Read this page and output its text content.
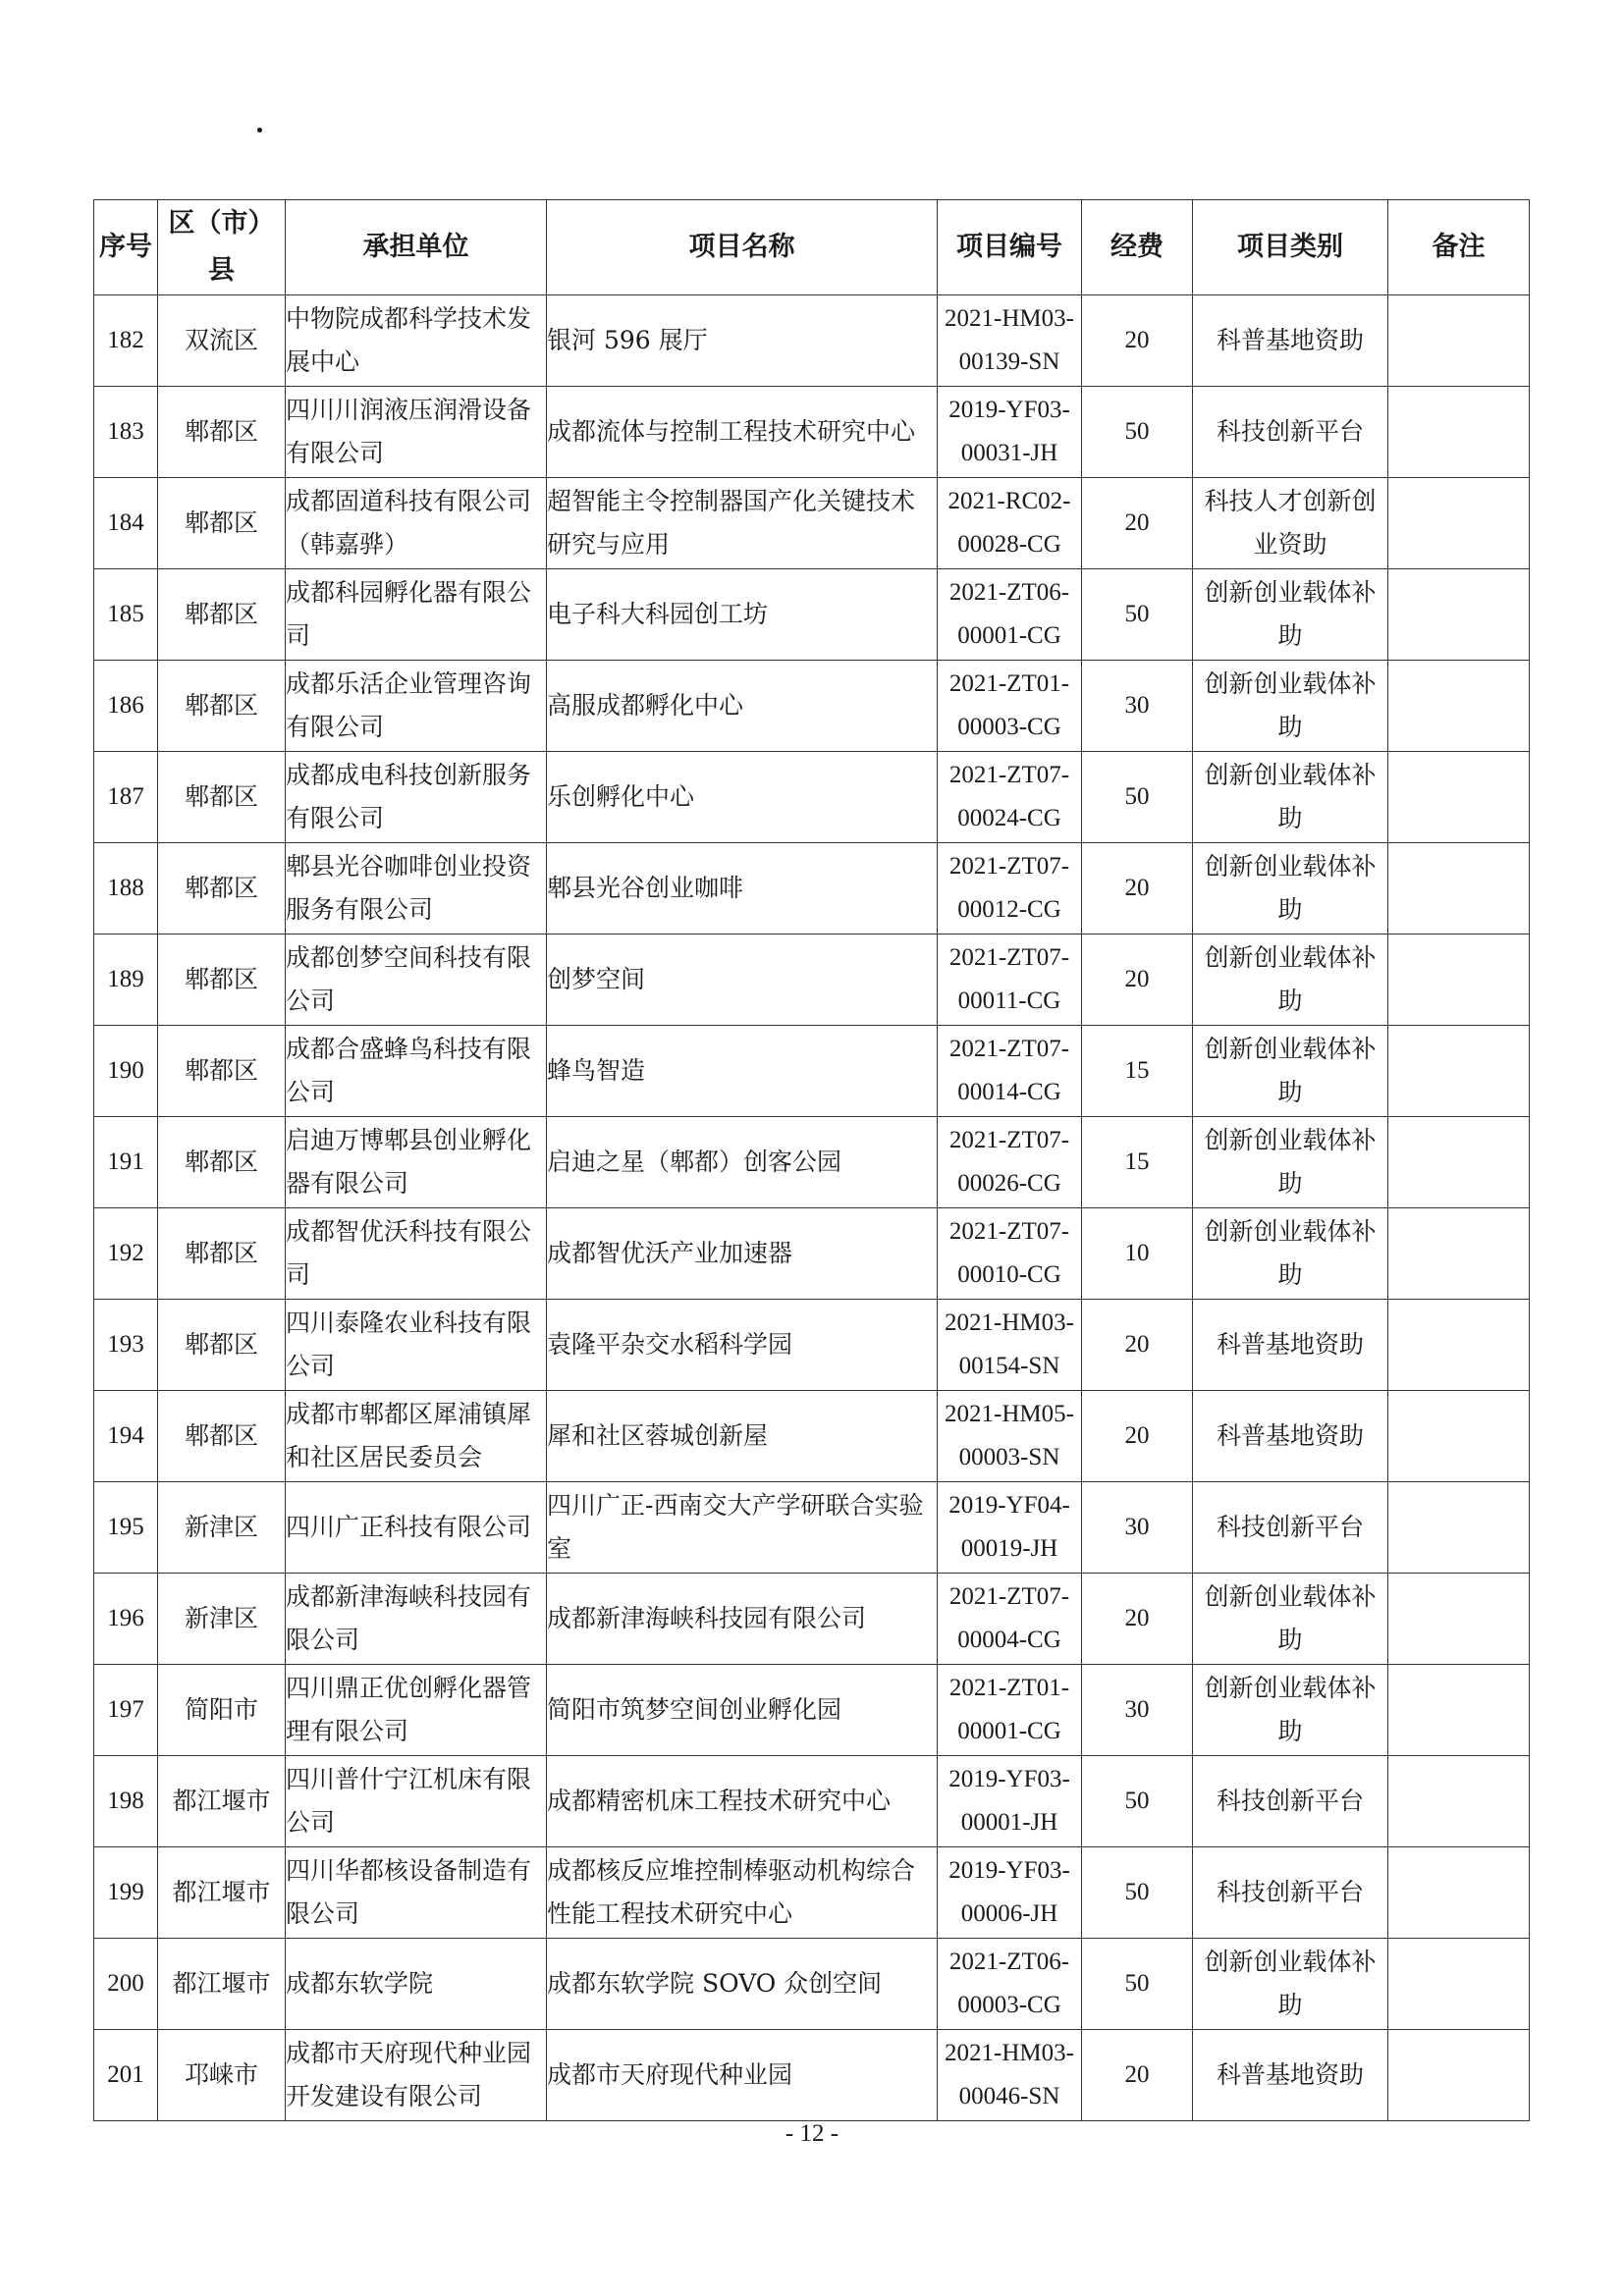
序号	区（市）县	承担单位	项目名称	项目编号	经费	项目类别	备注
182	双流区	中物院成都科学技术发展中心	银河 596 展厅	2021-HM03-00139-SN	20	科普基地资助	
183	郫都区	四川川润液压润滑设备有限公司	成都流体与控制工程技术研究中心	2019-YF03-00031-JH	50	科技创新平台	
184	郫都区	成都固道科技有限公司（韩嘉骅）	超智能主令控制器国产化关键技术研究与应用	2021-RC02-00028-CG	20	科技人才创新创业资助	
185	郫都区	成都科园孵化器有限公司	电子科大科园创工坊	2021-ZT06-00001-CG	50	创新创业载体补助	
186	郫都区	成都乐活企业管理咨询有限公司	高服成都孵化中心	2021-ZT01-00003-CG	30	创新创业载体补助	
187	郫都区	成都成电科技创新服务有限公司	乐创孵化中心	2021-ZT07-00024-CG	50	创新创业载体补助	
188	郫都区	郫县光谷咖啡创业投资服务有限公司	郫县光谷创业咖啡	2021-ZT07-00012-CG	20	创新创业载体补助	
189	郫都区	成都创梦空间科技有限公司	创梦空间	2021-ZT07-00011-CG	20	创新创业载体补助	
190	郫都区	成都合盛蜂鸟科技有限公司	蜂鸟智造	2021-ZT07-00014-CG	15	创新创业载体补助	
191	郫都区	启迪万博郫县创业孵化器有限公司	启迪之星（郫都）创客公园	2021-ZT07-00026-CG	15	创新创业载体补助	
192	郫都区	成都智优沃科技有限公司	成都智优沃产业加速器	2021-ZT07-00010-CG	10	创新创业载体补助	
193	郫都区	四川泰隆农业科技有限公司	袁隆平杂交水稻科学园	2021-HM03-00154-SN	20	科普基地资助	
194	郫都区	成都市郫都区犀浦镇犀和社区居民委员会	犀和社区蓉城创新屋	2021-HM05-00003-SN	20	科普基地资助	
195	新津区	四川广正科技有限公司	四川广正-西南交大产学研联合实验室	2019-YF04-00019-JH	30	科技创新平台	
196	新津区	成都新津海峡科技园有限公司	成都新津海峡科技园有限公司	2021-ZT07-00004-CG	20	创新创业载体补助	
197	简阳市	四川鼎正优创孵化器管理有限公司	简阳市筑梦空间创业孵化园	2021-ZT01-00001-CG	30	创新创业载体补助	
198	都江堰市	四川普什宁江机床有限公司	成都精密机床工程技术研究中心	2019-YF03-00001-JH	50	科技创新平台	
199	都江堰市	四川华都核设备制造有限公司	成都核反应堆控制棒驱动机构综合性能工程技术研究中心	2019-YF03-00006-JH	50	科技创新平台	
200	都江堰市	成都东软学院	成都东软学院 SOVO 众创空间	2021-ZT06-00003-CG	50	创新创业载体补助	
201	邛崃市	成都市天府现代种业园开发建设有限公司	成都市天府现代种业园	2021-HM03-00046-SN	20	科普基地资助	
- 12 -
